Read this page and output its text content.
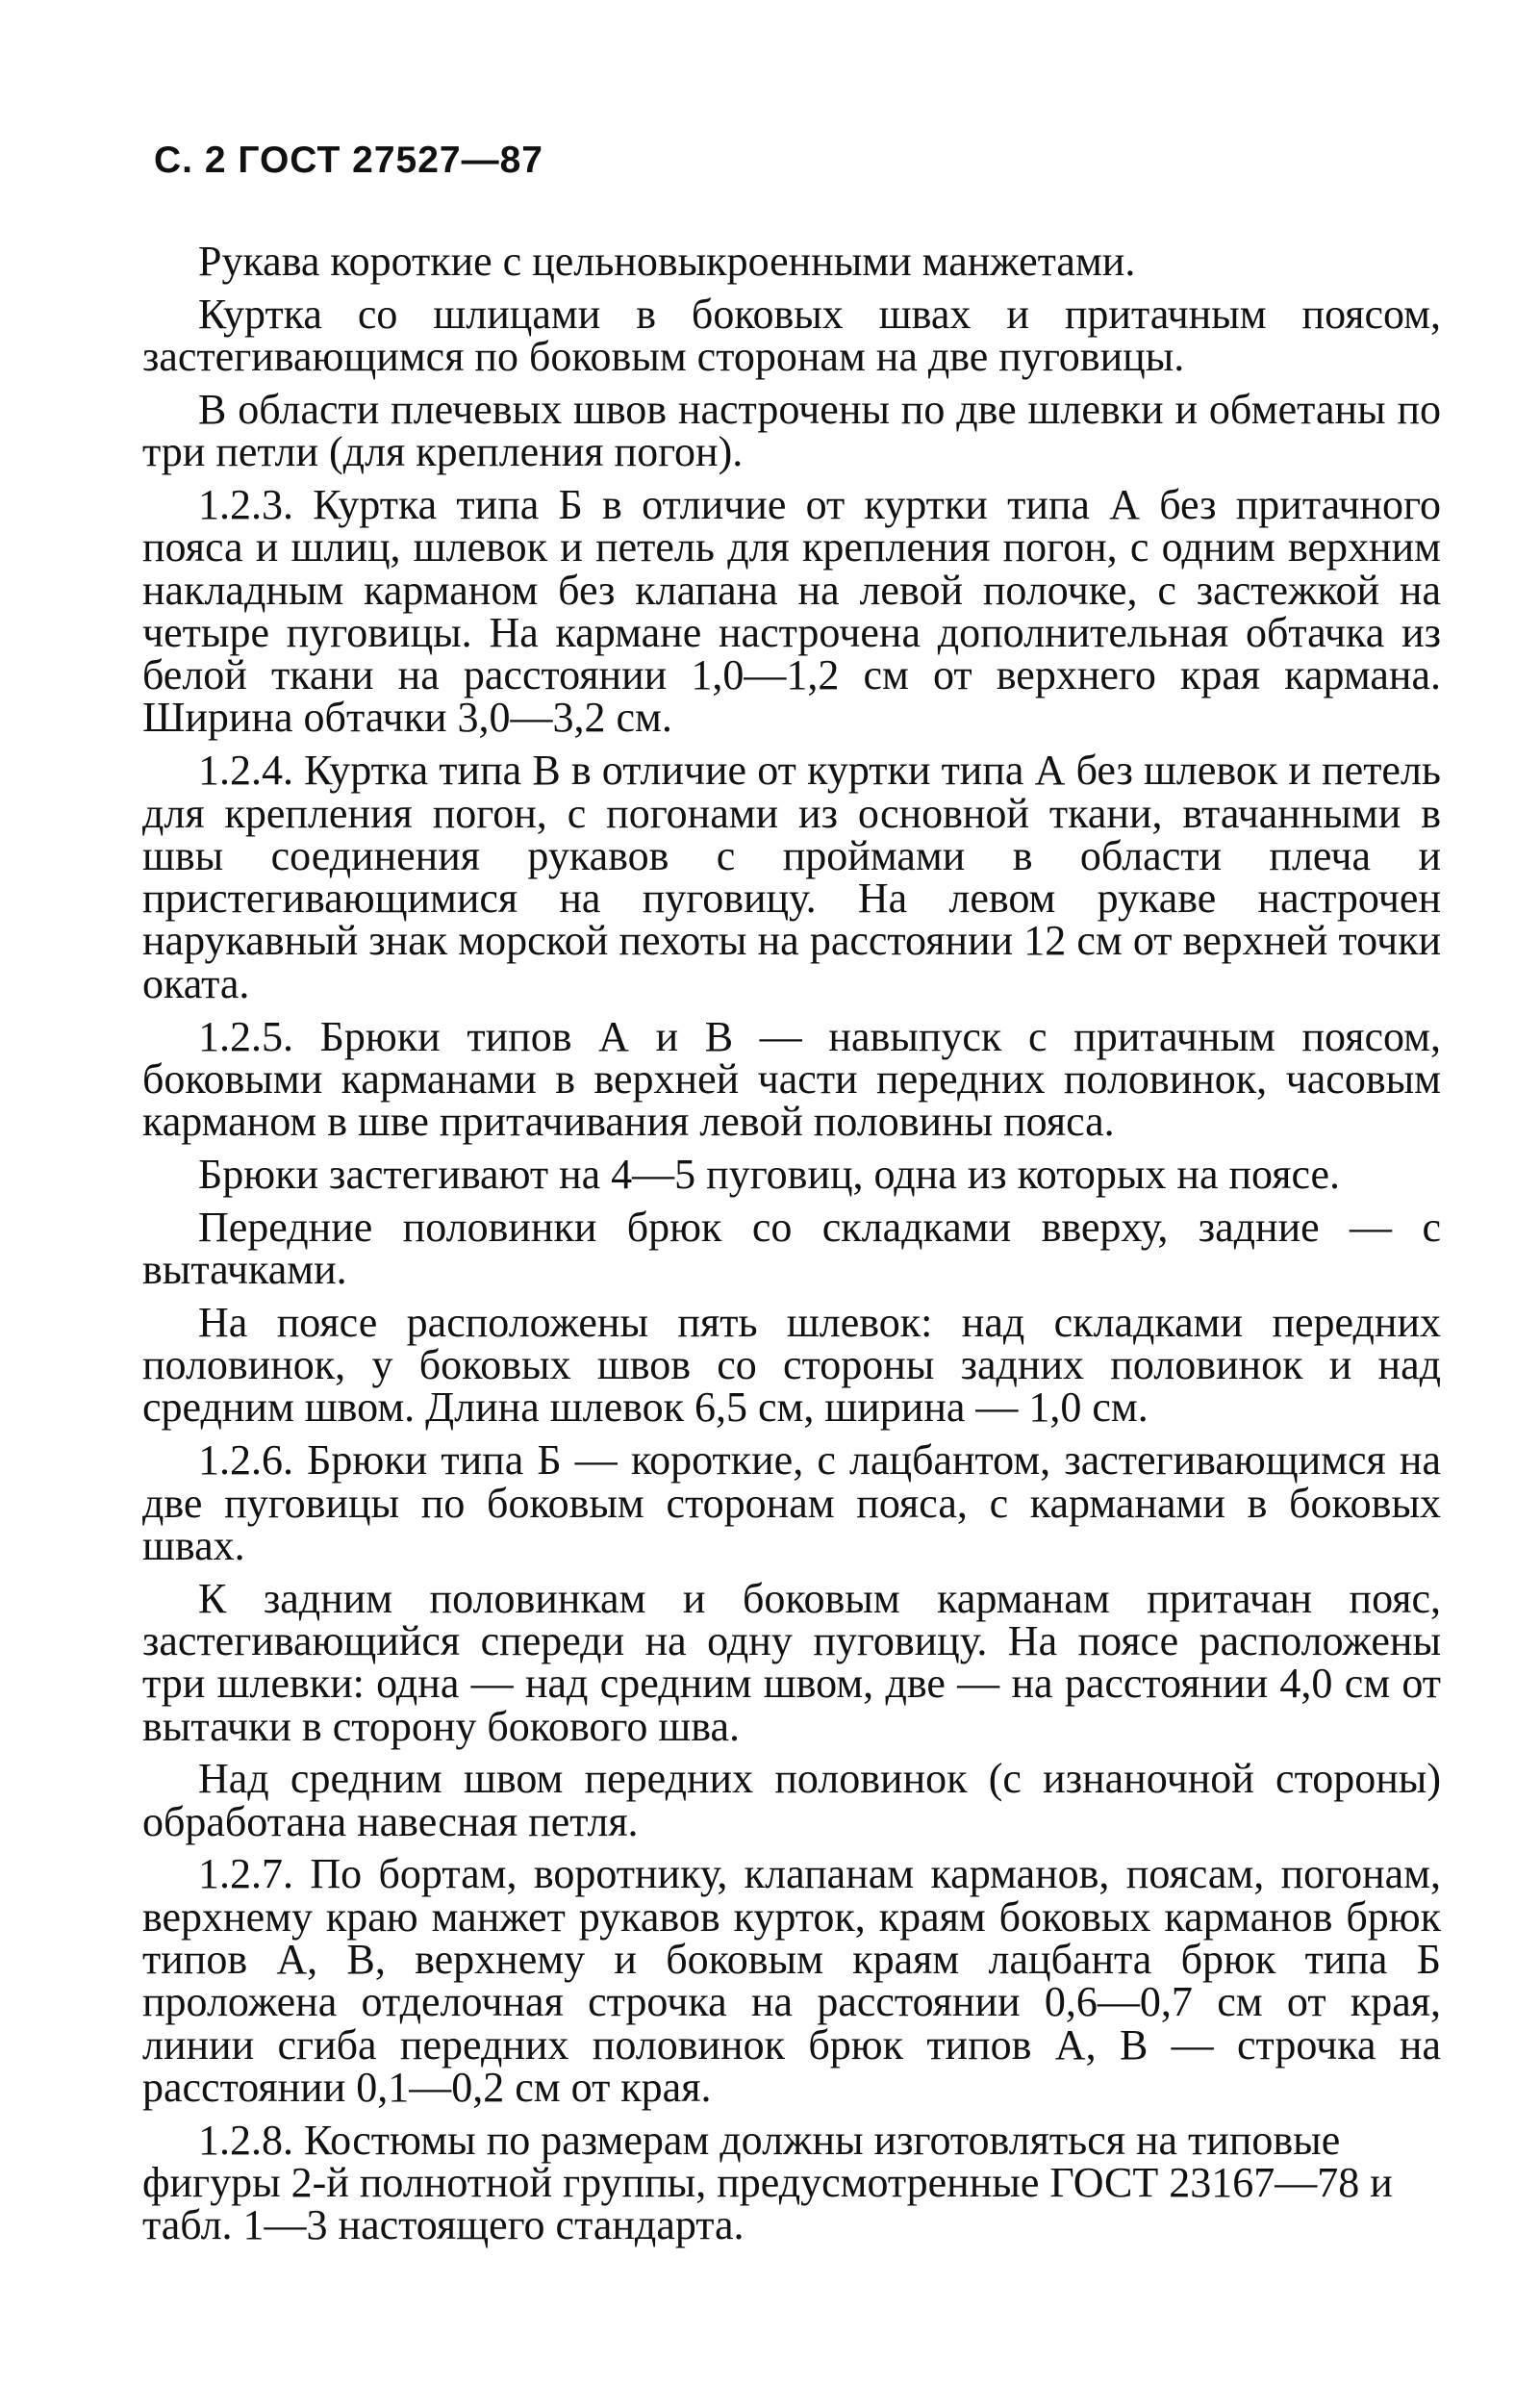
С. 2 ГОСТ 27527—87

Рукава короткие с цельновыкроенными манжетами.

Куртка со шлицами в боковых швах и притачным поясом, застегивающимся по боковым сторонам на две пуговицы.

В области плечевых швов настрочены по две шлевки и обметаны по три петли (для крепления погон).

1.2.3. Куртка типа Б в отличие от куртки типа А без притачного пояса и шлиц, шлевок и петель для крепления погон, с одним верхним накладным карманом без клапана на левой полочке, с застежкой на четыре пуговицы. На кармане настрочена дополнительная обтачка из белой ткани на расстоянии 1,0—1,2 см от верхнего края кармана. Ширина обтачки 3,0—3,2 см.

1.2.4. Куртка типа В в отличие от куртки типа А без шлевок и петель для крепления погон, с погонами из основной ткани, втачанными в швы соединения рукавов с проймами в области плеча и пристегивающимися на пуговицу. На левом рукаве настрочен нарукавный знак морской пехоты на расстоянии 12 см от верхней точки оката.

1.2.5. Брюки типов А и В — навыпуск с притачным поясом, боковыми карманами в верхней части передних половинок, часовым карманом в шве притачивания левой половины пояса.

Брюки застегивают на 4—5 пуговиц, одна из которых на поясе.

Передние половинки брюк со складками вверху, задние — с вытачками.

На поясе расположены пять шлевок: над складками передних половинок, у боковых швов со стороны задних половинок и над средним швом. Длина шлевок 6,5 см, ширина — 1,0 см.

1.2.6. Брюки типа Б — короткие, с лацбантом, застегивающимся на две пуговицы по боковым сторонам пояса, с карманами в боковых швах.

К задним половинкам и боковым карманам притачан пояс, застегивающийся спереди на одну пуговицу. На поясе расположены три шлевки: одна — над средним швом, две — на расстоянии 4,0 см от вытачки в сторону бокового шва.

Над средним швом передних половинок (с изнаночной стороны) обработана навесная петля.

1.2.7. По бортам, воротнику, клапанам карманов, поясам, погонам, верхнему краю манжет рукавов курток, краям боковых карманов брюк типов А, В, верхнему и боковым краям лацбанта брюк типа Б проложена отделочная строчка на расстоянии 0,6—0,7 см от края, линии сгиба передних половинок брюк типов А, В — строчка на расстоянии 0,1—0,2 см от края.

1.2.8. Костюмы по размерам должны изготовляться на типовые фигуры 2-й полнотной группы, предусмотренные ГОСТ 23167—78 и табл. 1—3 настоящего стандарта.
